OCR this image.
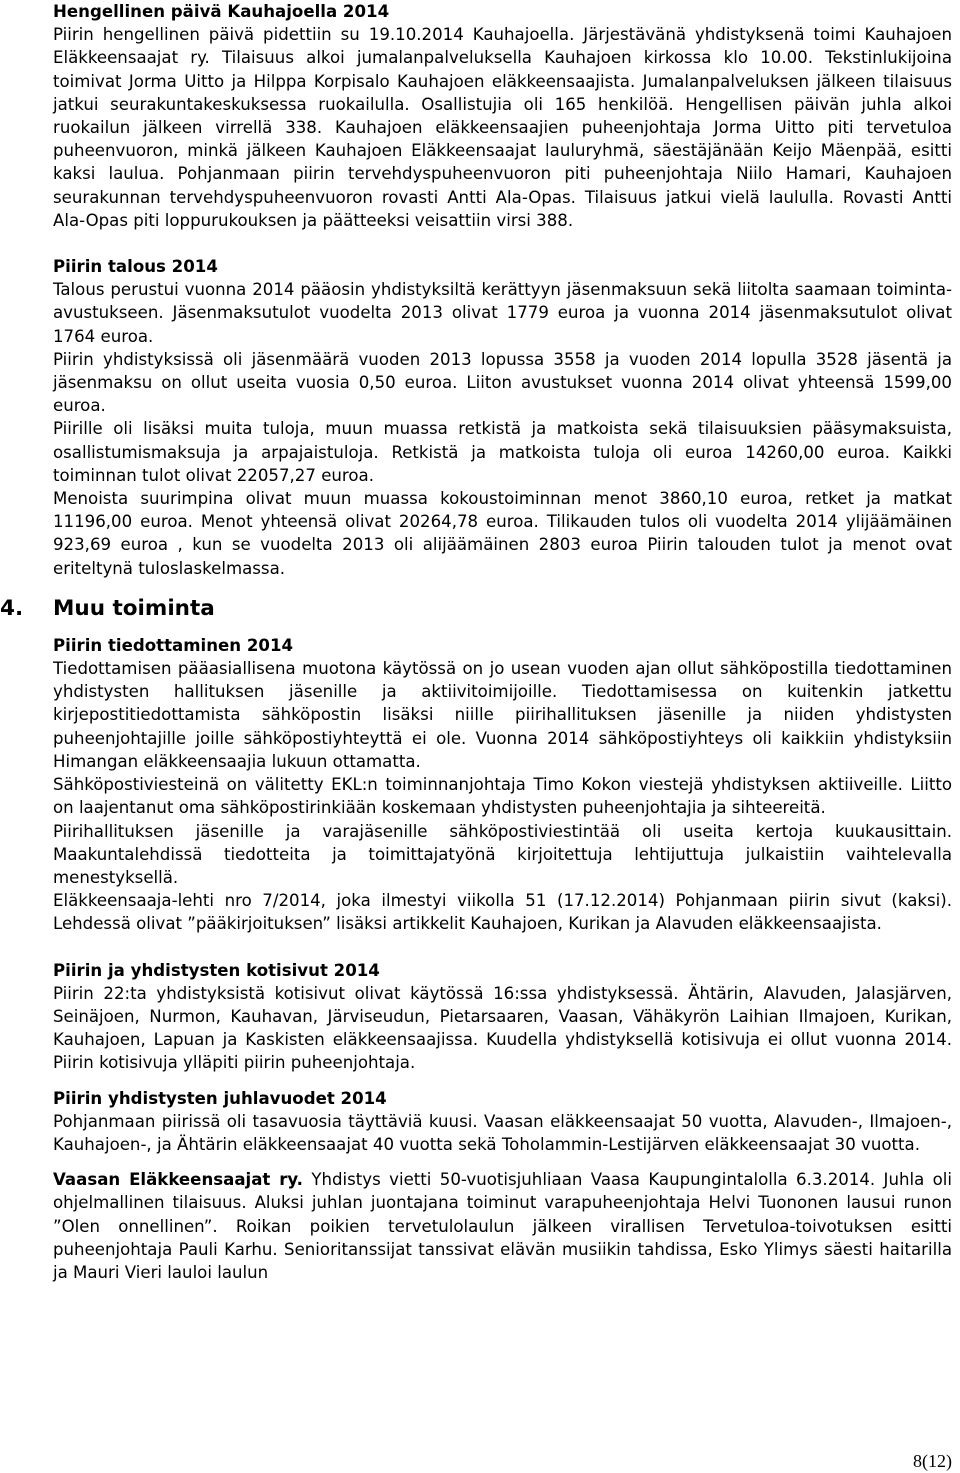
Hengellinen päivä Kauhajoella 2014

Piirin hengellinen päivä pidettiin su 19.10.2014 Kauhajoella. Järjestävänä yhdistyksenä toimi Kauhajoen Eläkkeensaajat ry. Tilaisuus alkoi jumalanpalveluksella Kauhajoen kirkossa klo 10.00. Tekstinlukijoina toimivat Jorma Uitto ja Hilppa Korpisalo Kauhajoen eläkkeensaajista. Jumalanpalveluksen jälkeen tilaisuus jatkui seurakuntakeskuksessa ruokailulla. Osallistujia oli 165 henkilöä. Hengellisen päivän juhla alkoi ruokailun jälkeen virrellä 338. Kauhajoen eläkkeensaajien puheenjohtaja Jorma Uitto piti tervetuloa puheenvuoron, minkä jälkeen Kauhajoen Eläkkeensaajat lauluryhmä, säestäjänään Keijo Mäenpää, esitti kaksi laulua. Pohjanmaan piirin tervehdyspuheenvuoron piti puheenjohtaja Niilo Hamari, Kauhajoen seurakunnan tervehdyspuheenvuoron rovasti Antti Ala-Opas. Tilaisuus jatkui vielä laululla. Rovasti Antti Ala-Opas piti loppurukouksen ja päätteeksi veisattiin virsi 388.

Piirin talous 2014

Talous perustui vuonna 2014 pääosin yhdistyksiltä kerättyyn jäsenmaksuun sekä liitolta saamaan toiminta-avustukseen. Jäsenmaksutulot vuodelta 2013 olivat 1779 euroa ja vuonna 2014 jäsenmaksutulot olivat 1764 euroa.

Piirin yhdistyksissä oli jäsenmäärä vuoden 2013 lopussa 3558 ja vuoden 2014 lopulla 3528 jäsentä ja jäsenmaksu on ollut useita vuosia 0,50 euroa. Liiton avustukset vuonna 2014 olivat yhteensä 1599,00 euroa.

Piirille oli lisäksi muita tuloja, muun muassa retkistä ja matkoista sekä tilaisuuksien pääsymaksuista, osallistumismaksuja ja arpajaistuloja. Retkistä ja matkoista tuloja oli euroa 14260,00 euroa. Kaikki toiminnan tulot olivat 22057,27 euroa.

Menoista suurimpina olivat muun muassa kokoustoiminnan menot 3860,10 euroa, retket ja matkat 11196,00 euroa. Menot yhteensä olivat 20264,78 euroa. Tilikauden tulos oli vuodelta 2014 ylijäämäinen 923,69 euroa , kun se vuodelta 2013 oli alijäämäinen 2803 euroa Piirin talouden tulot ja menot ovat eriteltynä tuloslaskelmassa.

4.	Muu toiminta
Piirin tiedottaminen 2014

Tiedottamisen pääasiallisena muotona käytössä on jo usean vuoden ajan ollut sähköpostilla tiedottaminen yhdistysten hallituksen jäsenille ja aktiivitoimijoille. Tiedottamisessa on kuitenkin jatkettu kirjepostitiedottamista sähköpostin lisäksi niille piirihallituksen jäsenille ja niiden yhdistysten puheenjohtajille joille sähköpostiyhteyttä ei ole. Vuonna 2014 sähköpostiyhteys oli kaikkiin yhdistyksiin Himangan eläkkeensaajia lukuun ottamatta.

Sähköpostiviesteinä on välitetty EKL:n toiminnanjohtaja Timo Kokon viestejä yhdistyksen aktiiveille. Liitto on laajentanut oma sähköpostirinkiään koskemaan yhdistysten puheenjohtajia ja sihteereitä.

Piirihallituksen jäsenille ja varajäsenille sähköpostiviestintää oli useita kertoja kuukausittain. Maakuntalehdissä tiedotteita ja toimittajatyönä kirjoitettuja lehtijuttuja julkaistiin vaihtelevalla menestyksellä.

Eläkkeensaaja-lehti nro 7/2014, joka ilmestyi viikolla 51 (17.12.2014) Pohjanmaan piirin sivut (kaksi). Lehdessä olivat ”pääkirjoituksen” lisäksi artikkelit Kauhajoen, Kurikan ja Alavuden eläkkeensaajista.

Piirin ja yhdistysten kotisivut 2014

Piirin 22:ta yhdistyksistä kotisivut olivat käytössä 16:ssa yhdistyksessä. Ähtärin, Alavuden, Jalasjärven, Seinäjoen, Nurmon, Kauhavan, Järviseudun, Pietarsaaren, Vaasan, Vähäkyrön Laihian Ilmajoen, Kurikan, Kauhajoen, Lapuan ja Kaskisten eläkkeensaajissa. Kuudella yhdistyksellä kotisivuja ei ollut vuonna 2014. Piirin kotisivuja ylläpiti piirin puheenjohtaja.

Piirin yhdistysten juhlavuodet 2014

Pohjanmaan piirissä oli tasavuosia täyttäviä kuusi. Vaasan eläkkeensaajat 50 vuotta, Alavuden-, Ilmajoen-, Kauhajoen-, ja Ähtärin eläkkeensaajat 40 vuotta sekä Toholammin-Lestijärven eläkkeensaajat 30 vuotta.

Vaasan Eläkkeensaajat ry. Yhdistys vietti 50-vuotisjuhliaan Vaasa Kaupungintalolla 6.3.2014. Juhla oli ohjelmallinen tilaisuus. Aluksi juhlan juontajana toiminut varapuheenjohtaja Helvi Tuononen lausui runon ”Olen onnellinen”. Roikan poikien tervetulolaulun jälkeen virallisen Tervetuloa-toivotuksen esitti puheenjohtaja Pauli Karhu. Senioritanssijat tanssivat elävän musiikin tahdissa, Esko Ylimys säesti haitarilla ja Mauri Vieri lauloi laulun

8(12)
